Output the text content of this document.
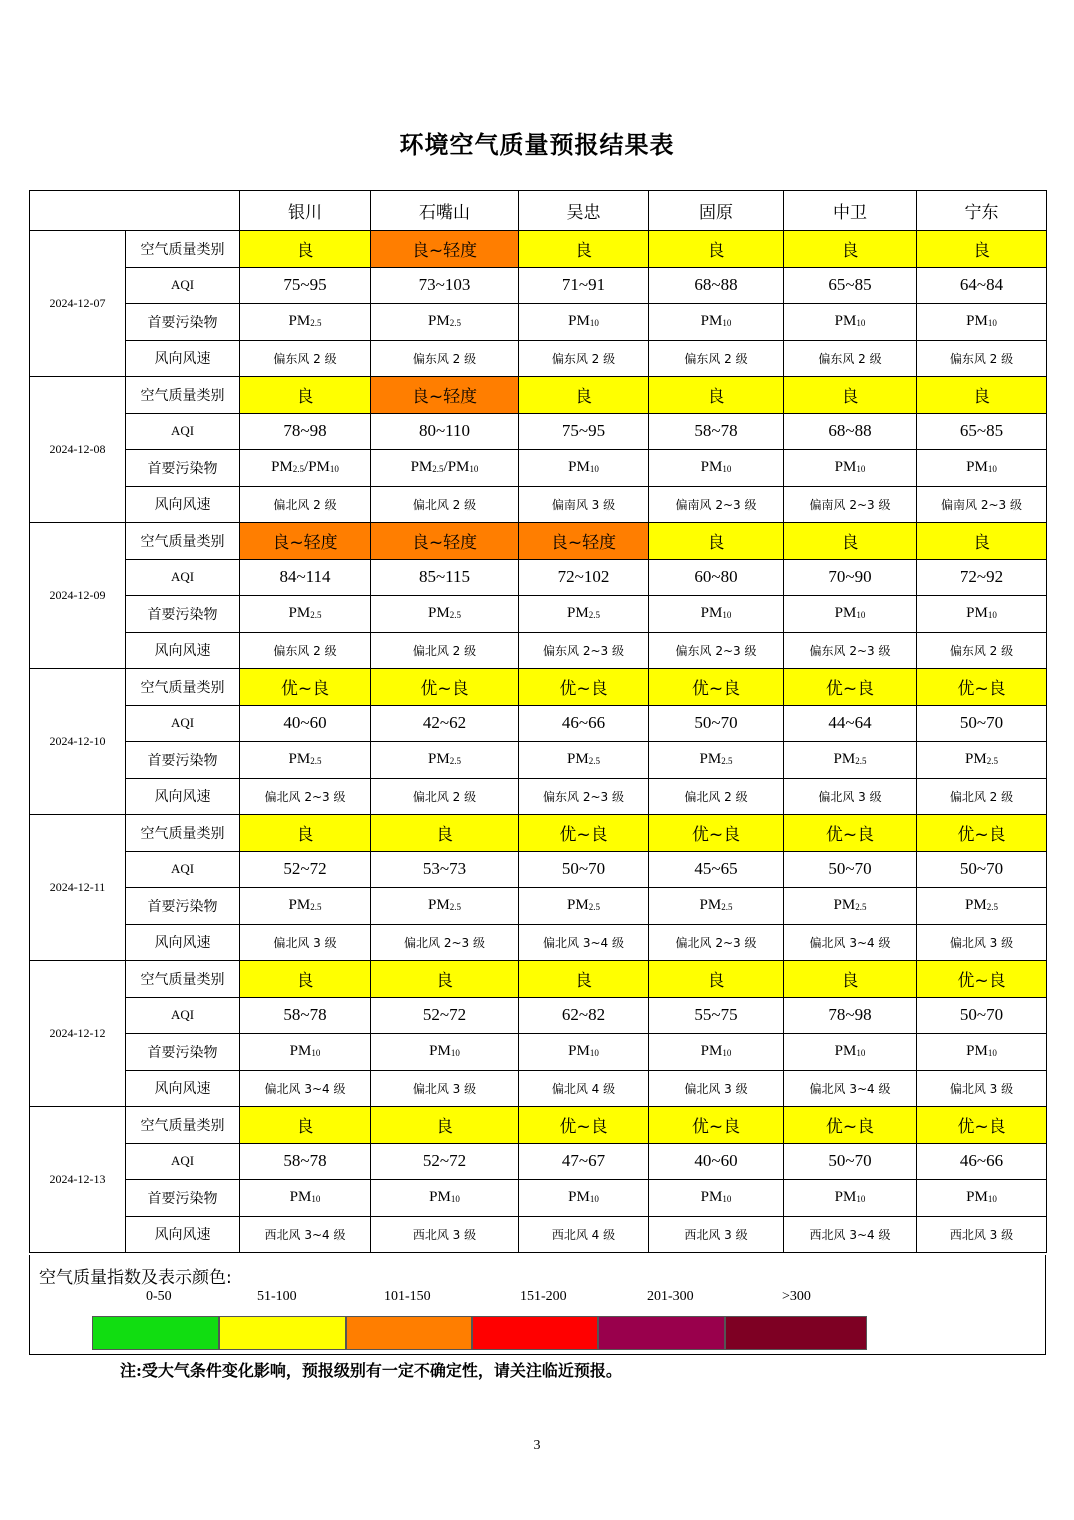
环境空气质量预报结果表
		银川	石嘴山	吴忠	固原	中卫	宁东
2024-12-07	空气质量类别	良	良~轻度	良	良	良	良
	AQI	75~95	73~103	71~91	68~88	65~85	64~84
	首要污染物	$PM_{2.5}$	$PM_{2.5}$	$PM_{10}$	$PM_{10}$	$PM_{10}$	$PM_{10}$
	风向风速	偏东风 2 级	偏东风 2 级	偏东风 2 级	偏东风 2 级	偏东风 2 级	偏东风 2 级
2024-12-08	空气质量类别	良	良~轻度	良	良	良	良
	AQI	78~98	80~110	75~95	58~78	68~88	65~85
	首要污染物	$PM_{2.5}/PM_{10}$	$PM_{2.5}/PM_{10}$	$PM_{10}$	$PM_{10}$	$PM_{10}$	$PM_{10}$
	风向风速	偏北风 2 级	偏北风 2 级	偏南风 3 级	偏南风 2~3 级	偏南风 2~3 级	偏南风 2~3 级
2024-12-09	空气质量类别	良~轻度	良~轻度	良~轻度	良	良	良
	AQI	84~114	85~115	72~102	60~80	70~90	72~92
	首要污染物	$PM_{2.5}$	$PM_{2.5}$	$PM_{2.5}$	$PM_{10}$	$PM_{10}$	$PM_{10}$
	风向风速	偏东风 2 级	偏北风 2 级	偏东风 2~3 级	偏东风 2~3 级	偏东风 2~3 级	偏东风 2 级
2024-12-10	空气质量类别	优~良	优~良	优~良	优~良	优~良	优~良
	AQI	40~60	42~62	46~66	50~70	44~64	50~70
	首要污染物	$PM_{2.5}$	$PM_{2.5}$	$PM_{2.5}$	$PM_{2.5}$	$PM_{2.5}$	$PM_{2.5}$
	风向风速	偏北风 2~3 级	偏北风 2 级	偏东风 2~3 级	偏北风 2 级	偏北风 3 级	偏北风 2 级
2024-12-11	空气质量类别	良	良	优~良	优~良	优~良	优~良
	AQI	52~72	53~73	50~70	45~65	50~70	50~70
	首要污染物	$PM_{2.5}$	$PM_{2.5}$	$PM_{2.5}$	$PM_{2.5}$	$PM_{2.5}$	$PM_{2.5}$
	风向风速	偏北风 3 级	偏北风 2~3 级	偏北风 3~4 级	偏北风 2~3 级	偏北风 3~4 级	偏北风 3 级
2024-12-12	空气质量类别	良	良	良	良	良	优~良
	AQI	58~78	52~72	62~82	55~75	78~98	50~70
	首要污染物	$PM_{10}$	$PM_{10}$	$PM_{10}$	$PM_{10}$	$PM_{10}$	$PM_{10}$
	风向风速	偏北风 3~4 级	偏北风 3 级	偏北风 4 级	偏北风 3 级	偏北风 3~4 级	偏北风 3 级
2024-12-13	空气质量类别	良	良	优~良	优~良	优~良	优~良
	AQI	58~78	52~72	47~67	40~60	50~70	46~66
	首要污染物	$PM_{10}$	$PM_{10}$	$PM_{10}$	$PM_{10}$	$PM_{10}$	$PM_{10}$
	风向风速	西北风 3~4 级	西北风 3 级	西北风 4 级	西北风 3 级	西北风 3~4 级	西北风 3 级
空气质量指数及表示颜色:
0-50	51-100	101-150	151-200	201-300	>300
注:受大气条件变化影响，预报级别有一定不确定性，请关注临近预报。
3
